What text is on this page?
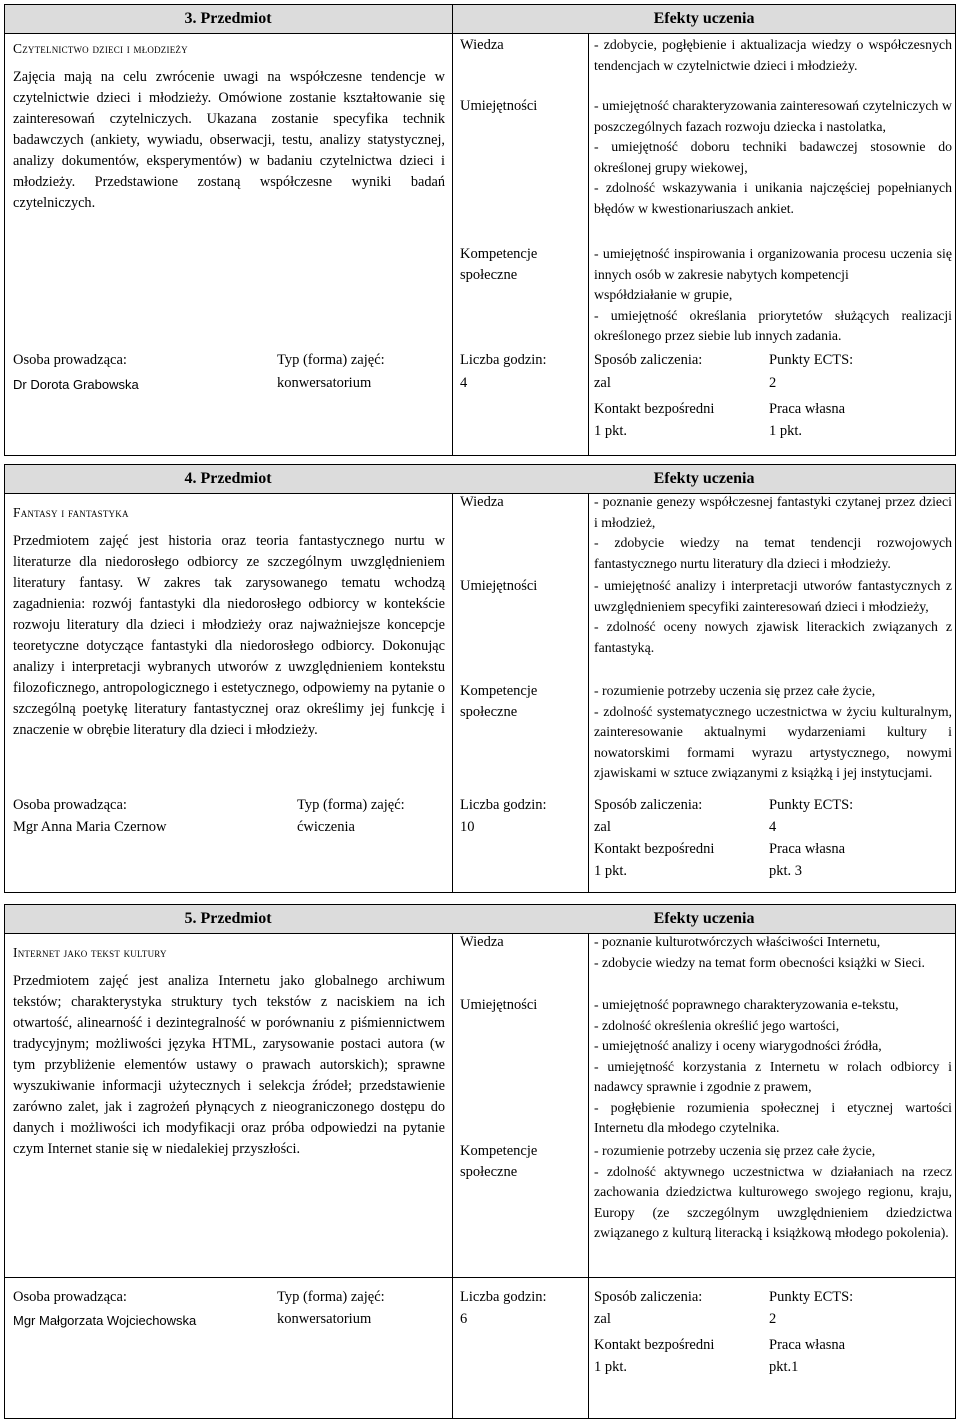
3. Przedmiot	Efekty uczenia
Czytelnictwo dzieci i młodzieży
Zajęcia mają na celu zwrócenie uwagi na współczesne tendencje w czytelnictwie dzieci i młodzieży. Omówione zostanie kształtowanie się zainteresowań czytelniczych. Ukazana zostanie specyfika technik badawczych (ankiety, wywiadu, obserwacji, testu, analizy statystycznej, analizy dokumentów, eksperymentów) w badaniu czytelnictwa dzieci i młodzieży. Przedstawione zostaną współczesne wyniki badań czytelniczych.
Osoba prowadząca:
Dr Dorota Grabowska
Typ (forma) zajęć:
konwersatorium
Wiedza	- zdobycie, pogłębienie i aktualizacja wiedzy o współczesnych tendencjach w czytelnictwie dzieci i młodzieży.
Umiejętności	- umiejętność charakteryzowania zainteresowań czytelniczych w poszczególnych fazach rozwoju dziecka i nastolatka,
- umiejętność doboru techniki badawczej stosownie do określonej grupy wiekowej,
- zdolność wskazywania i unikania najczęściej popełnianych błędów w kwestionariuszach ankiet.
Kompetencje społeczne
- umiejętność inspirowania i organizowania procesu uczenia się innych osób w zakresie nabytych kompetencji
współdziałanie w grupie,
- umiejętność określania priorytetów służących realizacji określonego przez siebie lub innych zadania.
Liczba godzin:
4
Sposób zaliczenia:
zal
Punkty ECTS:
2
Kontakt bezpośredni
1 pkt.
Praca własna
1 pkt.
4. Przedmiot	Efekty uczenia
Fantasy i fantastyka
Przedmiotem zajęć jest historia oraz teoria fantastycznego nurtu w literaturze dla niedorosłego odbiorcy ze szczególnym uwzględnieniem literatury fantasy. W zakres tak zarysowanego tematu wchodzą zagadnienia: rozwój fantastyki dla niedorosłego odbiorcy w kontekście rozwoju literatury dla dzieci i młodzieży oraz najważniejsze koncepcje teoretyczne dotyczące fantastyki dla niedorosłego odbiorcy. Dokonując analizy i interpretacji wybranych utworów z uwzględnieniem kontekstu filozoficznego, antropologicznego i estetycznego, odpowiemy na pytanie o szczególną poetykę literatury fantastycznej oraz określimy jej funkcję i znaczenie w obrębie literatury dla dzieci i młodzieży.
Osoba prowadząca:
Mgr Anna Maria Czernow
Typ (forma) zajęć:
ćwiczenia
Wiedza	- poznanie genezy współczesnej fantastyki czytanej przez dzieci i młodzież,
- zdobycie wiedzy na temat tendencji rozwojowych fantastycznego nurtu literatury dla dzieci i młodzieży.
Umiejętności	- umiejętność analizy i interpretacji utworów fantastycznych z uwzględnieniem specyfiki zainteresowań dzieci i młodzieży,
- zdolność oceny nowych zjawisk literackich związanych z fantastyką.
Kompetencje społeczne
- rozumienie potrzeby uczenia się przez całe życie,
- zdolność systematycznego uczestnictwa w życiu kulturalnym, zainteresowanie aktualnymi wydarzeniami kultury i nowatorskimi formami wyrazu artystycznego, nowymi zjawiskami w sztuce związanymi z książką i jej instytucjami.
Liczba godzin:
10
Sposób zaliczenia:
zal
Punkty ECTS:
4
Kontakt bezpośredni
1 pkt.
Praca własna
pkt. 3
5. Przedmiot	Efekty uczenia
Internet jako tekst kultury
Przedmiotem zajęć jest analiza Internetu jako globalnego archiwum tekstów; charakterystyka struktury tych tekstów z naciskiem na ich otwartość, alinearność i dezintegralność w porównaniu z piśmiennictwem tradycyjnym; możliwości języka HTML, zarysowanie postaci autora (w tym przybliżenie elementów ustawy o prawach autorskich); sprawne wyszukiwanie informacji użytecznych i selekcja źródeł; przedstawienie zarówno zalet, jak i zagrożeń płynących z nieograniczonego dostępu do danych i możliwości ich modyfikacji oraz próba odpowiedzi na pytanie czym Internet stanie się w niedalekiej przyszłości.
Osoba prowadząca:
Mgr Małgorzata Wojciechowska
Typ (forma) zajęć:
konwersatorium
Wiedza	- poznanie kulturotwórczych właściwości Internetu,
- zdobycie wiedzy na temat form obecności książki w Sieci.
Umiejętności	- umiejętność poprawnego charakteryzowania e-tekstu,
- zdolność określenia określić jego wartości,
- umiejętność analizy i oceny wiarygodności źródła,
- umiejętność korzystania z Internetu w rolach odbiorcy i nadawcy sprawnie i zgodnie z prawem,
- pogłębienie rozumienia społecznej i etycznej wartości Internetu dla młodego czytelnika.
Kompetencje społeczne
- rozumienie potrzeby uczenia się przez całe życie,
- zdolność aktywnego uczestnictwa w działaniach na rzecz zachowania dziedzictwa kulturowego swojego regionu, kraju, Europy (ze szczególnym uwzględnieniem dziedzictwa związanego z kulturą literacką i książkową młodego pokolenia).
Liczba godzin:
6
Sposób zaliczenia:
zal
Punkty ECTS:
2
Kontakt bezpośredni
1 pkt.
Praca własna
pkt.1
